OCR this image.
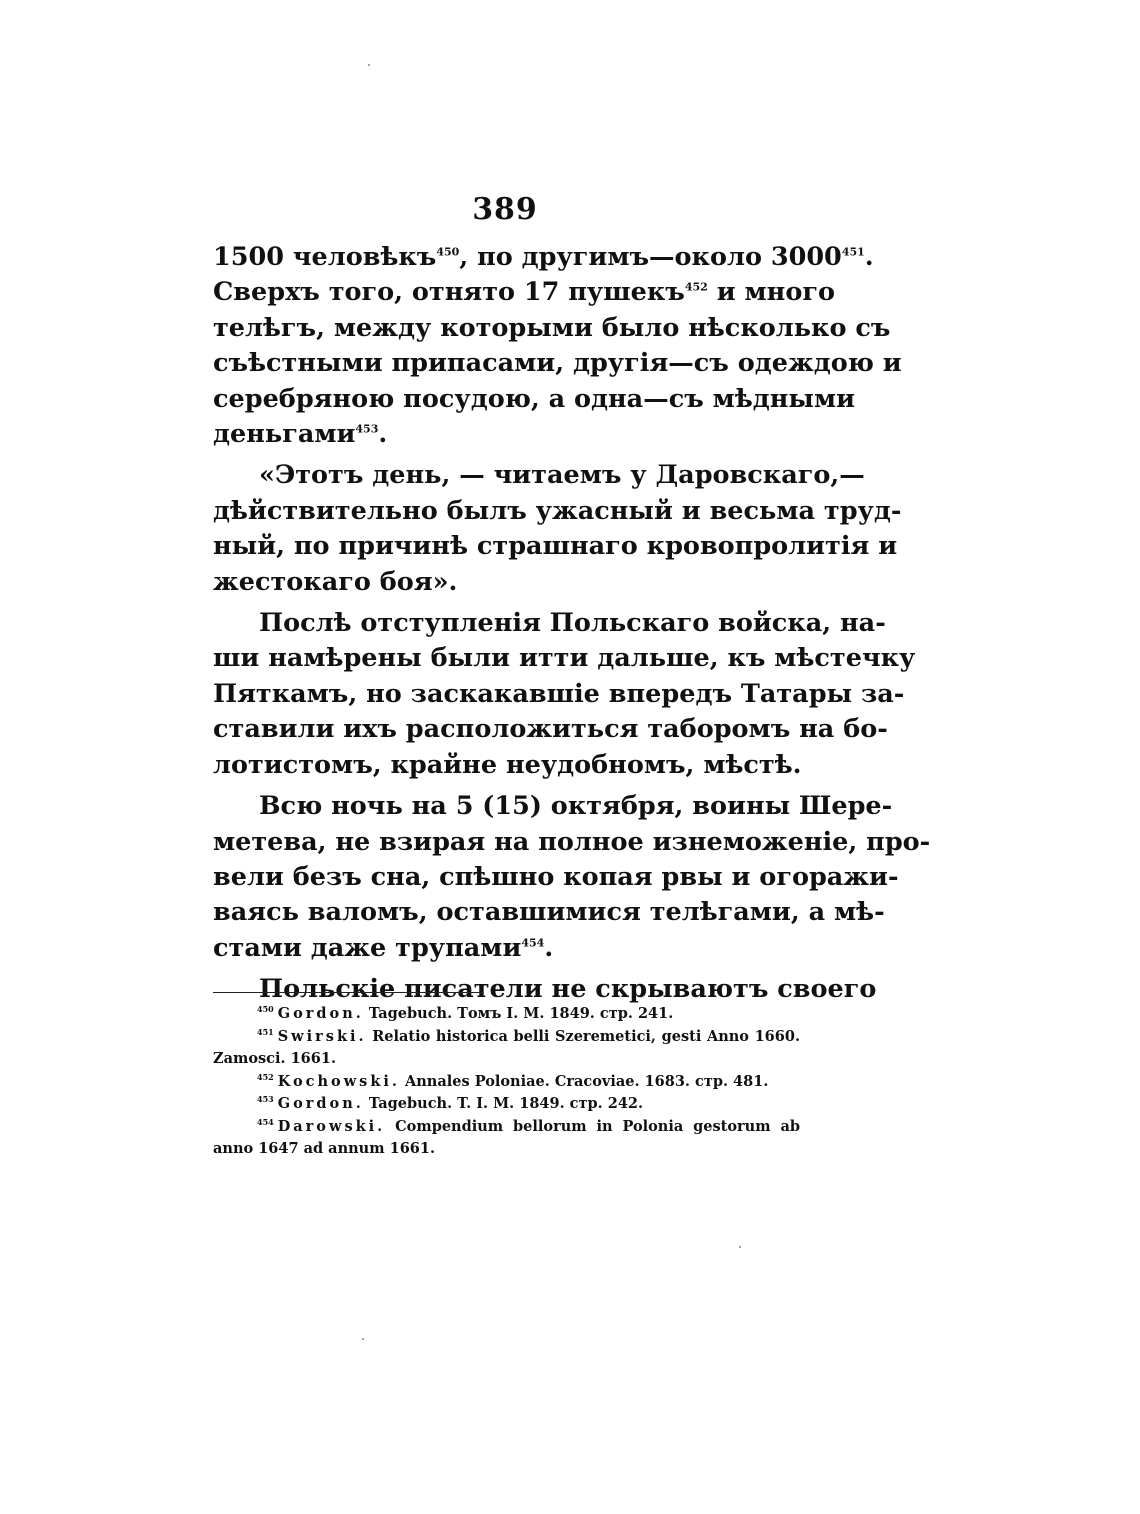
389
1500 человѣкъ$^{450}$, по другимъ—около 3000$^{451}$.
Сверхъ того, отнято 17 пушекъ$^{452}$ и много
телѣгъ, между которыми было нѣсколько съ
съѣстными припасами, другія—съ одеждою и
серебряною посудою, а одна—съ мѣдными
деньгами$^{453}$.
«Этотъ день, — читаемъ у Даровскаго,—
дѣйствительно былъ ужасный и весьма труд-
ный, по причинѣ страшнаго кровопролитія и
жестокаго боя».
Послѣ отступленія Польскаго войска, на-
ши намѣрены были итти дальше, къ мѣстечку
Пяткамъ, но заскакавшіе впередъ Татары за-
ставили ихъ расположиться таборомъ на бо-
лотистомъ, крайне неудобномъ, мѣстѣ.
Всю ночь на 5 (15) октября, воины Шере-
метева, не взирая на полное изнеможеніе, про-
вели безъ сна, спѣшно копая рвы и огоражи-
ваясь валомъ, оставшимися телѣгами, а мѣ-
стами даже трупами$^{454}$.
Польскіе писатели не скрываютъ своего
$^{450}$ Gordon. Tagebuch. Томъ I. M. 1849. стр. 241.
$^{451}$ Swirski. Relatio historica belli Szeremetici, gesti Anno 1660.
Zamosci. 1661.
$^{452}$ Kochowski. Annales Poloniae. Cracoviae. 1683. стр. 481.
$^{453}$ Gordon. Tagebuch. T. I. M. 1849. стр. 242.
$^{454}$ Darowski. Compendium bellorum in Polonia gestorum ab
anno 1647 ad annum 1661.
